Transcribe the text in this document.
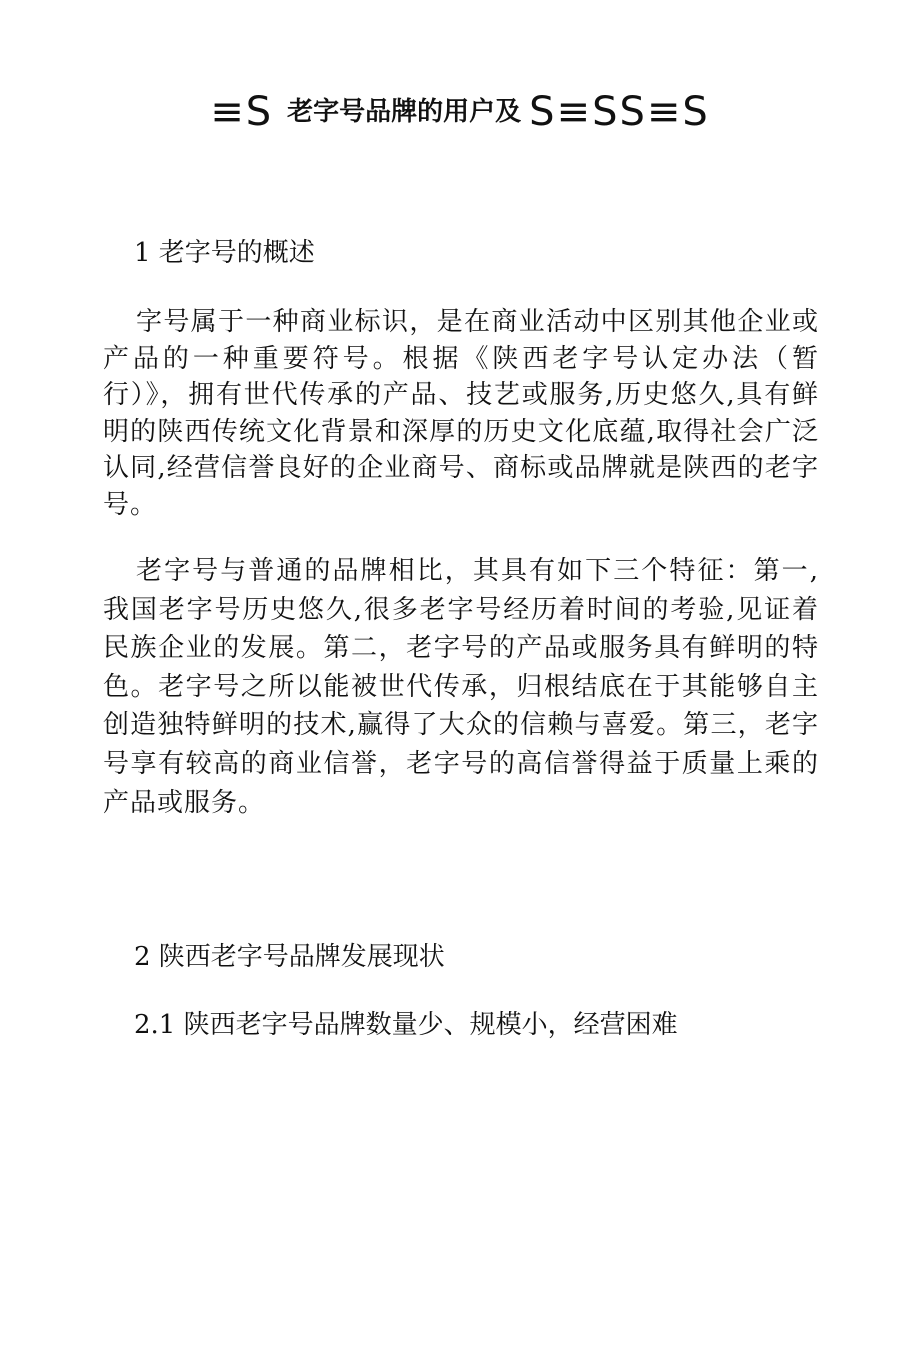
≡S 老字号品牌的用户及 S≡SS≡S

1 老字号的概述

字号属于一种商业标识，是在商业活动中区别其他企业或产品的一种重要符号。根据《陕西老字号认定办法（暂行）》，拥有世代传承的产品、技艺或服务,历史悠久,具有鲜明的陕西传统文化背景和深厚的历史文化底蕴,取得社会广泛认同,经营信誉良好的企业商号、商标或品牌就是陕西的老字号。

老字号与普通的品牌相比，其具有如下三个特征：第一,我国老字号历史悠久,很多老字号经历着时间的考验,见证着民族企业的发展。第二，老字号的产品或服务具有鲜明的特色。老字号之所以能被世代传承，归根结底在于其能够自主创造独特鲜明的技术,赢得了大众的信赖与喜爱。第三，老字号享有较高的商业信誉，老字号的高信誉得益于质量上乘的产品或服务。

2 陕西老字号品牌发展现状

2.1 陕西老字号品牌数量少、规模小，经营困难
